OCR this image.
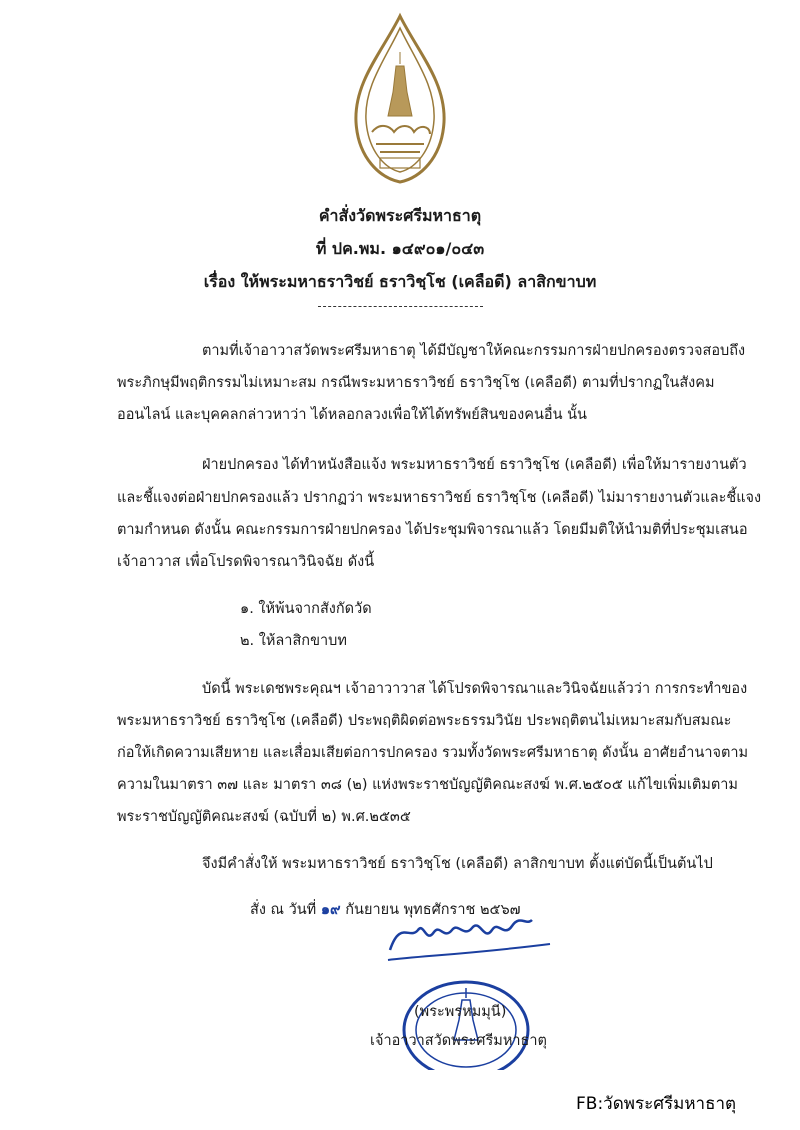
คำสั่งวัดพระศรีมหาธาตุ
ที่ ปค.พม. ๑๔๙๐๑/๐๔๓
เรื่อง ให้พระมหาธราวิชย์ ธราวิชฺโช (เคลือดี) ลาสิกขาบท
ตามที่เจ้าอาวาสวัดพระศรีมหาธาตุ ได้มีบัญชาให้คณะกรรมการฝ่ายปกครองตรวจสอบถึง
พระภิกษุมีพฤติกรรมไม่เหมาะสม กรณีพระมหาธราวิชย์ ธราวิชฺโช (เคลือดี) ตามที่ปรากฏในสังคม
ออนไลน์ และบุคคลกล่าวหาว่า ได้หลอกลวงเพื่อให้ได้ทรัพย์สินของคนอื่น นั้น
ฝ่ายปกครอง ได้ทำหนังสือแจ้ง พระมหาธราวิชย์ ธราวิชฺโช (เคลือดี) เพื่อให้มารายงานตัว
และชี้แจงต่อฝ่ายปกครองแล้ว ปรากฏว่า พระมหาธราวิชย์ ธราวิชฺโช (เคลือดี) ไม่มารายงานตัวและชี้แจง
ตามกำหนด ดังนั้น คณะกรรมการฝ่ายปกครอง ได้ประชุมพิจารณาแล้ว โดยมีมติให้นำมติที่ประชุมเสนอ
เจ้าอาวาส เพื่อโปรดพิจารณาวินิจฉัย ดังนี้
๑. ให้พ้นจากสังกัดวัด
๒. ให้ลาสิกขาบท
บัดนี้ พระเดชพระคุณฯ เจ้าอาวาวาส ได้โปรดพิจารณาและวินิจฉัยแล้วว่า การกระทำของ
พระมหาธราวิชย์ ธราวิชฺโช (เคลือดี) ประพฤติผิดต่อพระธรรมวินัย ประพฤติตนไม่เหมาะสมกับสมณะ
ก่อให้เกิดความเสียหาย และเสื่อมเสียต่อการปกครอง รวมทั้งวัดพระศรีมหาธาตุ ดังนั้น อาศัยอำนาจตาม
ความในมาตรา ๓๗ และ มาตรา ๓๘ (๒) แห่งพระราชบัญญัติคณะสงฆ์ พ.ศ.๒๕๐๕ แก้ไขเพิ่มเติมตาม
พระราชบัญญัติคณะสงฆ์ (ฉบับที่ ๒) พ.ศ.๒๕๓๕
จึงมีคำสั่งให้ พระมหาธราวิชย์ ธราวิชฺโช (เคลือดี) ลาสิกขาบท ตั้งแต่บัดนี้เป็นต้นไป
สั่ง ณ วันที่ ๑๙ กันยายน พุทธศักราช ๒๕๖๗
(พระพรหมมุนี)
เจ้าอาวาสวัดพระศรีมหาธาตุ
FB:วัดพระศรีมหาธาตุ
